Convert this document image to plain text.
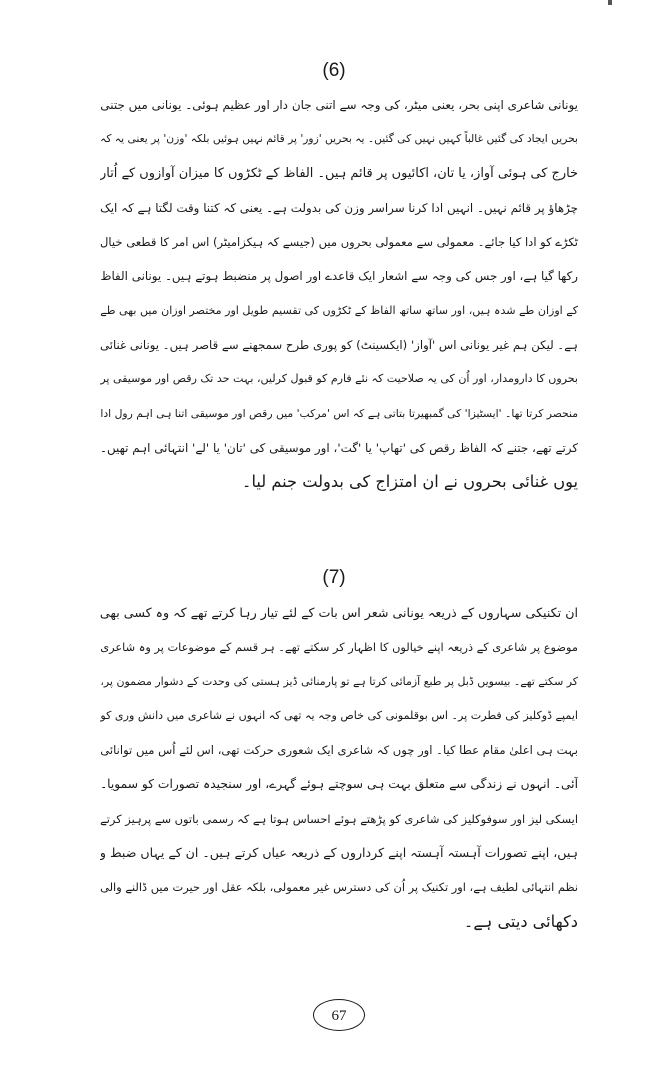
(6)
یونانی شاعری اپنی بحر، یعنی میٹر، کی وجہ سے اتنی جان دار اور عظیم ہوئی۔ یونانی میں جتنی
بحریں ایجاد کی گئیں غالباً کہیں نہیں کی گئیں۔ یہ بحریں 'زور' پر قائم نہیں ہوئیں بلکہ 'وزن' پر یعنی یہ کہ
خارج کی ہوئی آواز، یا تان، اکائیوں پر قائم ہیں۔ الفاظ کے ٹکڑوں کا میزان آوازوں کے اُتار
چڑھاؤ پر قائم نہیں۔ انہیں ادا کرنا سراسر وزن کی بدولت ہے۔ یعنی کہ کتنا وقت لگتا ہے کہ ایک
ٹکڑے کو ادا کیا جائے۔ معمولی سے معمولی بحروں میں (جیسے کہ ہیکزامیٹر) اس امر کا قطعی خیال
رکھا گیا ہے، اور جس کی وجہ سے اشعار ایک قاعدے اور اصول پر منضبط ہوتے ہیں۔ یونانی الفاظ
کے اوزان طے شدہ ہیں، اور ساتھ ساتھ الفاظ کے ٹکڑوں کی تقسیم طویل اور مختصر اوزان میں بھی طے
ہے۔ لیکن ہم غیر یونانی اس 'آواز' (ایکسینٹ) کو پوری طرح سمجھنے سے قاصر ہیں۔ یونانی غنائی
بحروں کا دارومدار، اور اُن کی یہ صلاحیت کہ نئے فارم کو قبول کرلیں، بہت حد تک رقص اور موسیقی پر
منحصر کرتا تھا۔ 'ایسٹیزا' کی گمبھیرتا بتاتی ہے کہ اس 'مرکب' میں رقص اور موسیقی اتنا ہی اہم رول ادا
کرتے تھے، جتنے کہ الفاظ رقص کی 'تھاپ' یا 'گت'، اور موسیقی کی 'تان' یا 'لے' انتہائی اہم تھیں۔
یوں غنائی بحروں نے ان امتزاج کی بدولت جنم لیا۔
(7)
ان تکنیکی سہاروں کے ذریعہ یونانی شعر اس بات کے لئے تیار رہا کرتے تھے کہ وہ کسی بھی
موضوع پر شاعری کے ذریعہ اپنے خیالوں کا اظہار کر سکتے تھے۔ ہر قسم کے موضوعات پر وہ شاعری
کر سکتے تھے۔ بیسویں ڈبل پر طبع آزمائی کرتا ہے تو پارمنائی ڈیز ہستی کی وحدت کے دشوار مضمون پر،
ایمپے ڈوکلیز کی فطرت پر۔ اس بوقلمونی کی خاص وجہ یہ تھی کہ انہوں نے شاعری میں دانش وری کو
بہت ہی اعلیٰ مقام عطا کیا۔ اور چوں کہ شاعری ایک شعوری حرکت تھی، اس لئے اُس میں توانائی
آئی۔ انہوں نے زندگی سے متعلق بہت ہی سوچتے ہوئے گہرے، اور سنجیدہ تصورات کو سمویا۔
ایسکی لیز اور سوفوکلیز کی شاعری کو پڑھتے ہوئے احساس ہوتا ہے کہ رسمی باتوں سے پرہیز کرتے
ہیں، اپنے تصورات آہستہ آہستہ اپنے کرداروں کے ذریعہ عیاں کرتے ہیں۔ ان کے یہاں ضبط و
نظم انتہائی لطیف ہے، اور تکنیک پر اُن کی دسترس غیر معمولی، بلکہ عقل اور حیرت میں ڈالنے والی
دکھائی دیتی ہے۔
67
